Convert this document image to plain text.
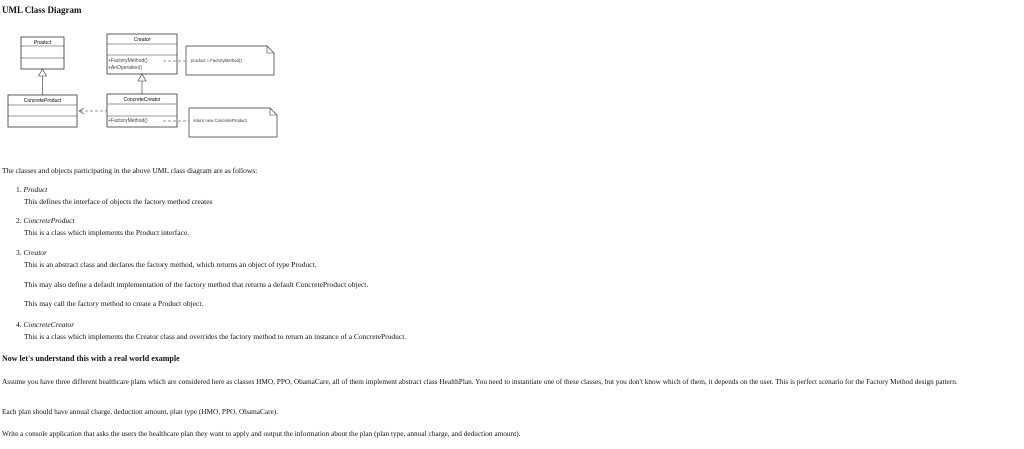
UML Class Diagram
Product	Creator
+FactoryMethod()
+AnOperation()
product = FactoryMethod()
ConcreteProduct	ConcreteCreator
+FactoryMethod()	return new ConcreteProduct
The classes and objects participating in the above UML class diagram are as follows:
1. Product
This defines the interface of objects the factory method creates
2. ConcreteProduct
This is a class which implements the Product interface.
3. Creator
This is an abstract class and declares the factory method, which returns an object of type Product.
This may also define a default implementation of the factory method that returns a default ConcreteProduct object.
This may call the factory method to create a Product object.
4. ConcreteCreator
This is a class which implements the Creator class and overrides the factory method to return an instance of a ConcreteProduct.
Now let's understand this with a real world example
Assume you have three different healthcare plans which are considered here as classes HMO, PPO, ObamaCare, all of them implement abstract class HealthPlan. You need to instantiate one of these classes, but you don't know which of them, it depends on the user. This is perfect scenario for the Factory Method design pattern.
Each plan should have annual charge, deduction amount, plan type (HMO, PPO, ObamaCare).
Write a console application that asks the users the healthcare plan they want to apply and output the information about the plan (plan type, annual charge, and deduction amount).
